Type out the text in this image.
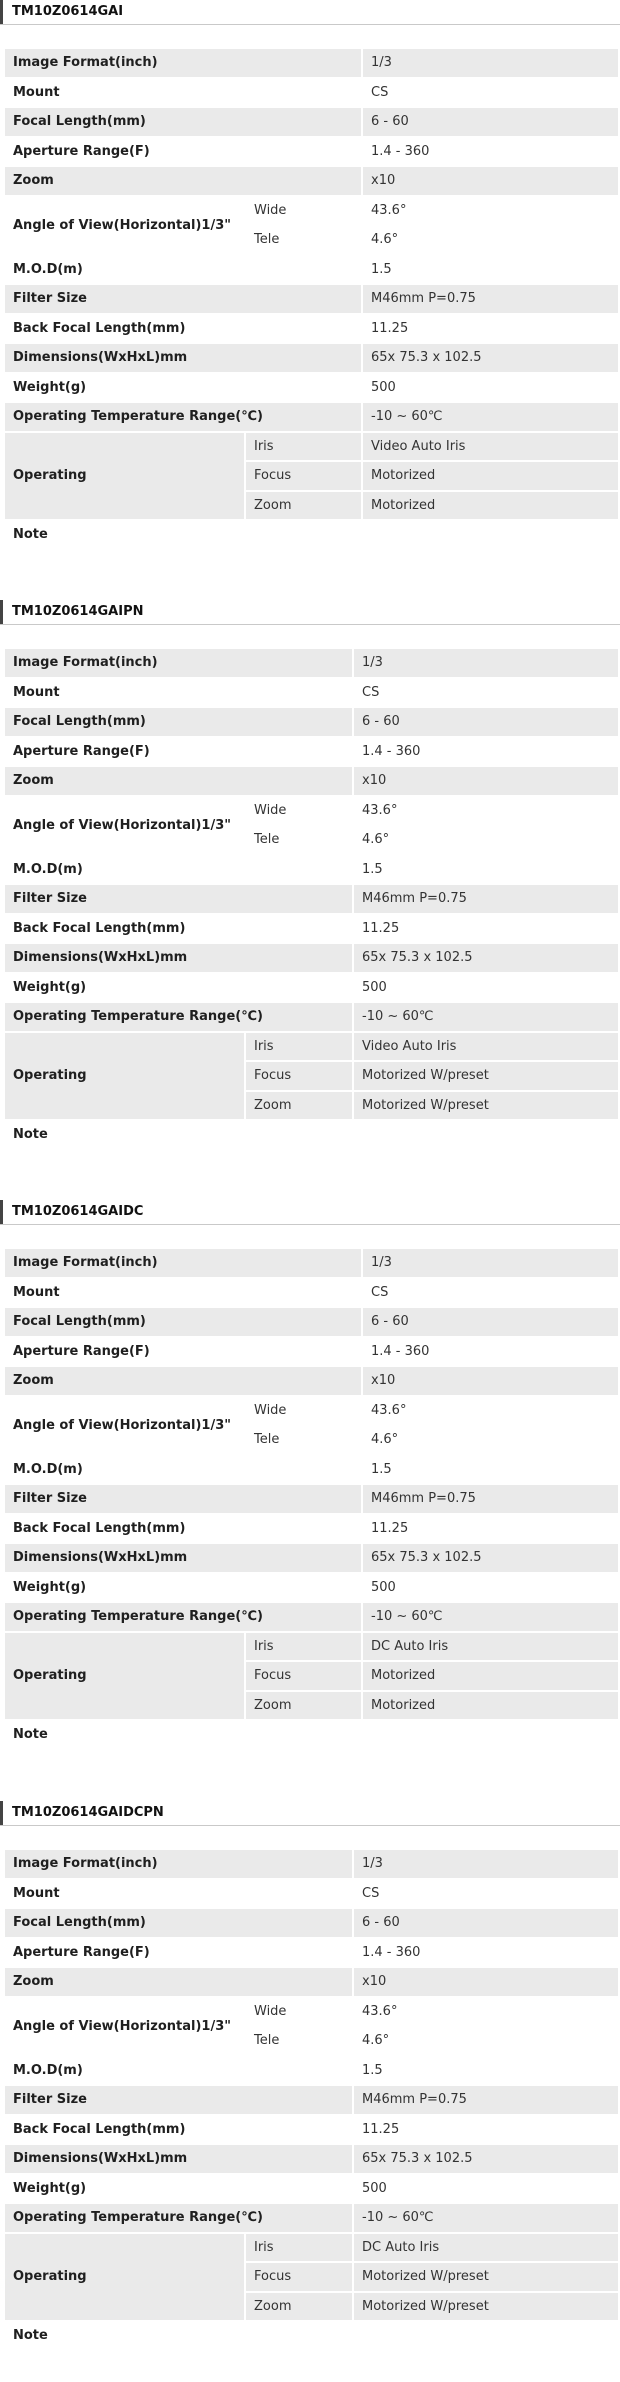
TM10Z0614GAI
Image Format(inch)		1/3
Mount		CS
Focal Length(mm)		6 - 60
Aperture Range(F)		1.4 - 360
Zoom		x10
Angle of View(Horizontal)1/3"	Wide	43.6°
	Tele	4.6°
M.O.D(m)		1.5
Filter Size		M46mm P=0.75
Back Focal Length(mm)		11.25
Dimensions(WxHxL)mm		65x 75.3 x 102.5
Weight(g)		500
Operating Temperature Range(℃)		-10 ~ 60℃
Operating	Iris	Video Auto Iris
	Focus	Motorized
	Zoom	Motorized
Note		
TM10Z0614GAIPN
Image Format(inch)		1/3
Mount		CS
Focal Length(mm)		6 - 60
Aperture Range(F)		1.4 - 360
Zoom		x10
Angle of View(Horizontal)1/3"	Wide	43.6°
	Tele	4.6°
M.O.D(m)		1.5
Filter Size		M46mm P=0.75
Back Focal Length(mm)		11.25
Dimensions(WxHxL)mm		65x 75.3 x 102.5
Weight(g)		500
Operating Temperature Range(℃)		-10 ~ 60℃
Operating	Iris	Video Auto Iris
	Focus	Motorized W/preset
	Zoom	Motorized W/preset
Note		
TM10Z0614GAIDC
Image Format(inch)		1/3
Mount		CS
Focal Length(mm)		6 - 60
Aperture Range(F)		1.4 - 360
Zoom		x10
Angle of View(Horizontal)1/3"	Wide	43.6°
	Tele	4.6°
M.O.D(m)		1.5
Filter Size		M46mm P=0.75
Back Focal Length(mm)		11.25
Dimensions(WxHxL)mm		65x 75.3 x 102.5
Weight(g)		500
Operating Temperature Range(℃)		-10 ~ 60℃
Operating	Iris	DC Auto Iris
	Focus	Motorized
	Zoom	Motorized
Note		
TM10Z0614GAIDCPN
Image Format(inch)		1/3
Mount		CS
Focal Length(mm)		6 - 60
Aperture Range(F)		1.4 - 360
Zoom		x10
Angle of View(Horizontal)1/3"	Wide	43.6°
	Tele	4.6°
M.O.D(m)		1.5
Filter Size		M46mm P=0.75
Back Focal Length(mm)		11.25
Dimensions(WxHxL)mm		65x 75.3 x 102.5
Weight(g)		500
Operating Temperature Range(℃)		-10 ~ 60℃
Operating	Iris	DC Auto Iris
	Focus	Motorized W/preset
	Zoom	Motorized W/preset
Note		
